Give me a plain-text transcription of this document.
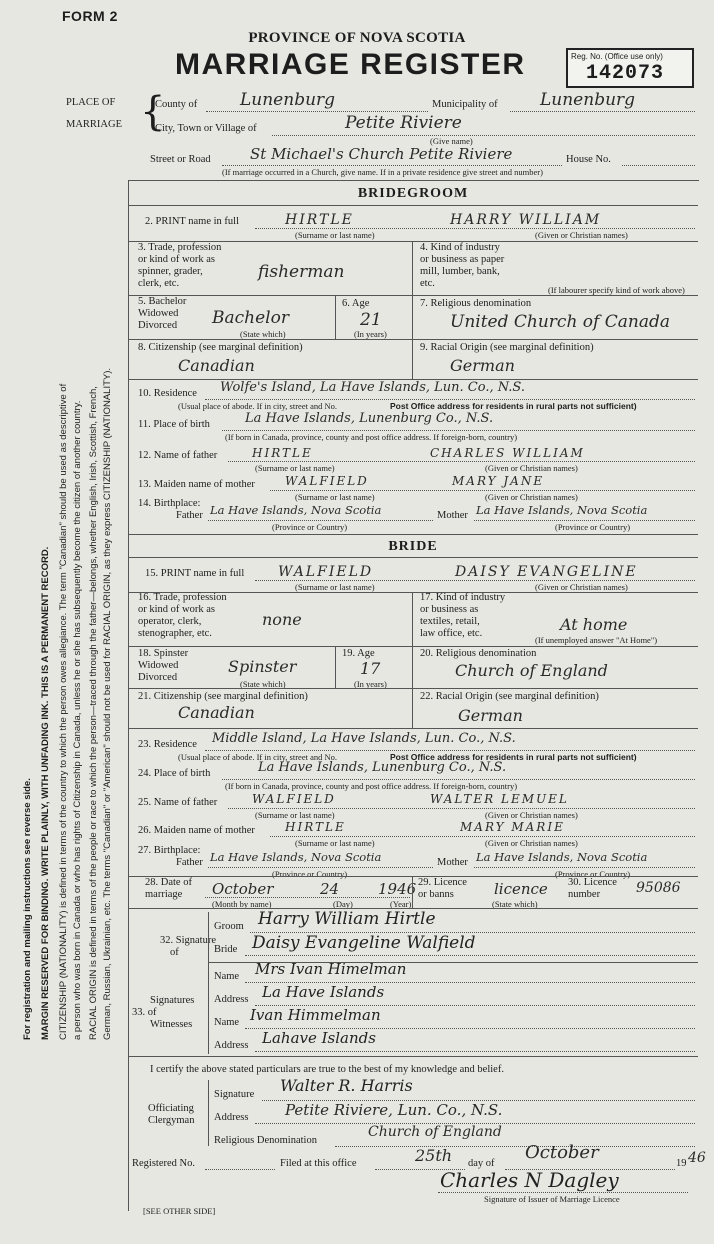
FORM 2
PROVINCE OF NOVA SCOTIA
MARRIAGE REGISTER	Reg. No. (Office use only)
142073
PLACE OF
MARRIAGE {
County of	Lunenburg	Municipality of Lunenburg
City, Town or Village of	Petite Riviere
(Give name)
Street or Road	St Michael's Church Petite Riviere	House No.
(If marriage occurred in a Church, give name. If in a private residence give street and number)
For registration and mailing instructions see reverse side. MARGIN RESERVED FOR BINDING. WRITE PLAINLY, WITH UNFADING INK. THIS IS A PERMANENT RECORD. CITIZENSHIP (NATIONALITY) is defined in terms of the country to which the person owes allegiance. The term "Canadian" should be used as descriptive of a person who was born in Canada or who has rights of Citizenship in Canada, unless he or she has subsequently become the citizen of another country. RACIAL ORIGIN is defined in terms of the people or race to which the person—traced through the father—belongs, whether English, Irish, Scottish, French, German, Russian, Ukrainian, etc. The terms "Canadian" or "American" should not be used for RACIAL ORIGIN, as they express CITIZENSHIP (NATIONALITY).
BRIDEGROOM
2. PRINT name in full	HIRTLE	HARRY WILLIAM
(Surname or last name)	(Given or Christian names)
3. Trade, profession
or kind of work as
spinner, grader,
clerk, etc.
fisherman
4. Kind of industry
or business as paper
mill, lumber, bank,
etc.
(If labourer specify kind of work above)
5. Bachelor
Widowed
Divorced	Bachelor
(State which)
6. Age
21
(In years)
7. Religious denomination
United Church of Canada
8. Citizenship (see marginal definition)
Canadian
9. Racial Origin (see marginal definition)
German
10. Residence Wolfe's Island, La Have Islands, Lun. Co., N.S.
(Usual place of abode. If in city, street and No.	Post Office address for residents in rural parts not sufficient)
11. Place of birth	La Have Islands, Lunenburg Co., N.S.
(If born in Canada, province, county and post office address. If foreign-born, country)
12. Name of father	HIRTLE	CHARLES WILLIAM
(Surname or last name)	(Given or Christian names)
13. Maiden name of mother	WALFIELD	MARY JANE
(Surname or last name)	(Given or Christian names)
14. Birthplace:
Father La Have Islands, Nova Scotia	Mother La Have Islands, Nova Scotia
(Province or Country)	(Province or Country)
BRIDE
15. PRINT name in full WALFIELD	DAISY EVANGELINE
(Surname or last name)	(Given or Christian names)
16. Trade, profession
or kind of work as
operator, clerk,
stenographer, etc.
none
17. Kind of industry
or business as
textiles, retail,
law office, etc.	At home
(If unemployed answer "At Home")
18. Spinster
Widowed
Divorced
Spinster
(State which)
19. Age
17
(In years)
20. Religious denomination
Church of England
21. Citizenship (see marginal definition)
Canadian
22. Racial Origin (see marginal definition)
German
23. Residence Middle Island, La Have Islands, Lun. Co., N.S.
(Usual place of abode. If in city, street and No.	Post Office address for residents in rural parts not sufficient)
24. Place of birth	La Have Islands, Lunenburg Co., N.S.
(If born in Canada, province, county and post office address. If foreign-born, country)
25. Name of father	WALFIELD	WALTER LEMUEL
(Surname or last name)	(Given or Christian names)
26. Maiden name of mother	HIRTLE	MARY MARIE
(Surname or last name)	(Given or Christian names)
27. Birthplace:
Father La Have Islands, Nova Scotia	Mother La Have Islands, Nova Scotia
(Province or Country)	(Province or Country)
28. Date of
marriage	October	24	1946
(Month by name)	(Day)	(Year)
29. Licence
or banns	licence
(State which)
30. Licence
number	95086
32. Signature
of
Groom Harry William Hirtle
Bride Daisy Evangeline Walfield
Signatures
33. of
Witnesses
Name Mrs Ivan Himelman
Address La Have Islands
Name Ivan Himmelman
Address Lahave Islands
I certify the above stated particulars are true to the best of my knowledge and belief.
Officiating
Clergyman
Signature Walter R. Harris
Address Petite Riviere, Lun. Co., N.S.
Religious Denomination
Church of England
Registered No.	Filed at this office	25th day of
October
19 46
Charles N Dagley
Signature of Issuer of Marriage Licence
[SEE OTHER SIDE]
